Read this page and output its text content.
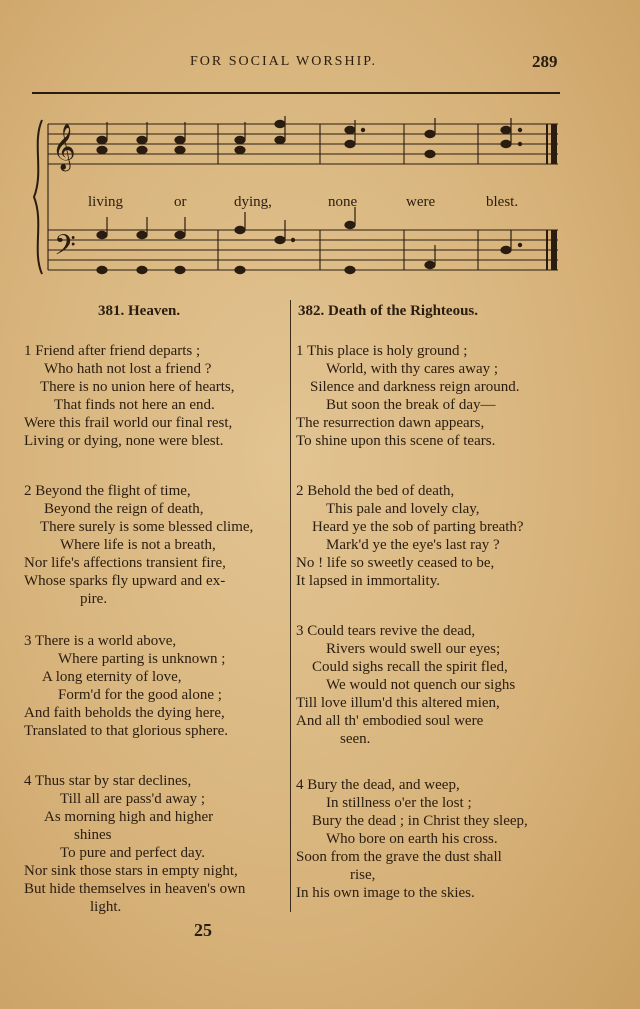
FOR SOCIAL WORSHIP.	289
𝄞
𝄢
living	or	dying,	none	were	blest.
381. Heaven.	382. Death of the Righteous.
1 Friend after friend departs ;
Who hath not lost a friend ?
There is no union here of hearts,
That finds not here an end.
Were this frail world our final rest,
Living or dying, none were blest.
2 Beyond the flight of time,
Beyond the reign of death,
There surely is some blessed clime,
Where life is not a breath,
Nor life's affections transient fire,
Whose sparks fly upward and ex-
pire.
3 There is a world above,
Where parting is unknown ;
A long eternity of love,
Form'd for the good alone ;
And faith beholds the dying here,
Translated to that glorious sphere.
4 Thus star by star declines,
Till all are pass'd away ;
As morning high and higher
shines
To pure and perfect day.
Nor sink those stars in empty night,
But hide themselves in heaven's own
light.
1 This place is holy ground ;
World, with thy cares away ;
Silence and darkness reign around.
But soon the break of day—
The resurrection dawn appears,
To shine upon this scene of tears.
2 Behold the bed of death,
This pale and lovely clay,
Heard ye the sob of parting breath?
Mark'd ye the eye's last ray ?
No ! life so sweetly ceased to be,
It lapsed in immortality.
3 Could tears revive the dead,
Rivers would swell our eyes;
Could sighs recall the spirit fled,
We would not quench our sighs
Till love illum'd this altered mien,
And all th' embodied soul were
seen.
4 Bury the dead, and weep,
In stillness o'er the lost ;
Bury the dead ; in Christ they sleep,
Who bore on earth his cross.
Soon from the grave the dust shall
rise,
In his own image to the skies.
25
